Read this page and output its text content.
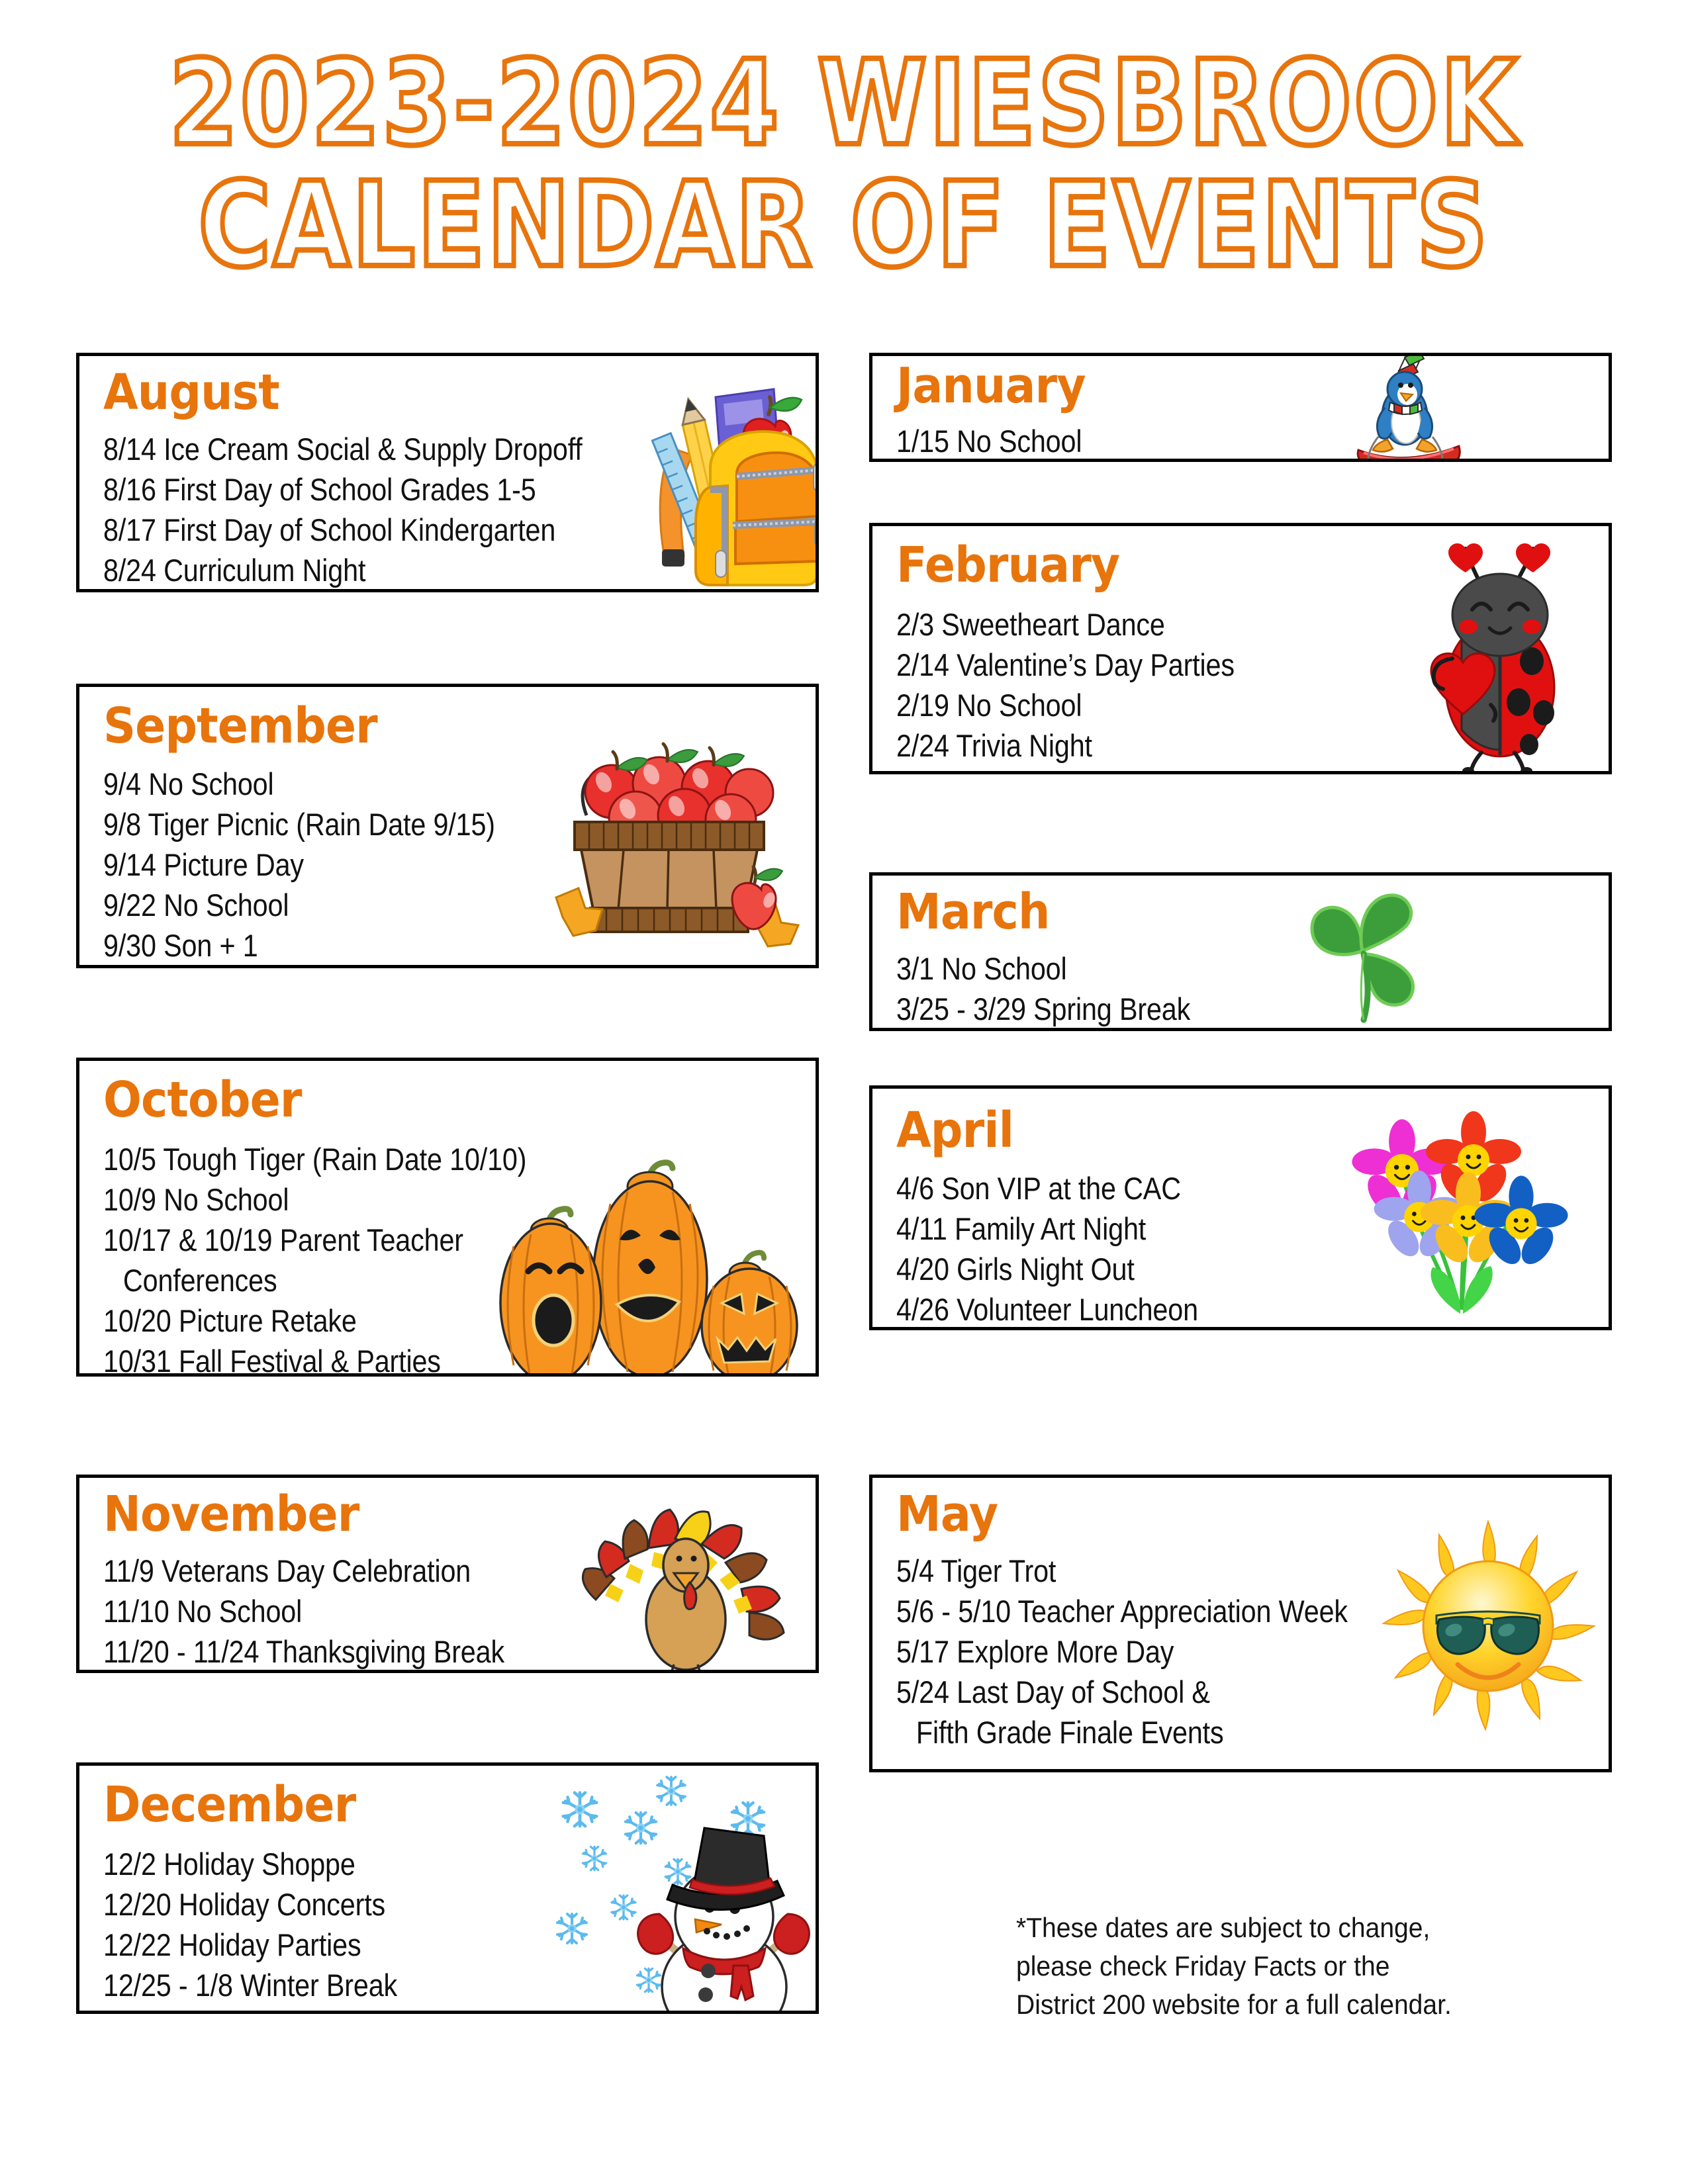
2023-2024 WIESBROOK
CALENDAR OF EVENTS
August
8/14 Ice Cream Social & Supply Dropoff
8/16 First Day of School Grades 1-5
8/17 First Day of School Kindergarten
8/24 Curriculum Night
September
9/4 No School
9/8 Tiger Picnic (Rain Date 9/15)
9/14 Picture Day
9/22 No School
9/30 Son + 1
October
10/5 Tough Tiger (Rain Date 10/10)
10/9 No School
10/17 & 10/19 Parent Teacher
Conferences
10/20 Picture Retake
10/31 Fall Festival & Parties
November
11/9 Veterans Day Celebration
11/10 No School
11/20 - 11/24 Thanksgiving Break
December
12/2 Holiday Shoppe
12/20 Holiday Concerts
12/22 Holiday Parties
12/25 - 1/8 Winter Break
January
1/15 No School
February
2/3 Sweetheart Dance
2/14 Valentine’s Day Parties
2/19 No School
2/24 Trivia Night
March
3/1 No School
3/25 - 3/29 Spring Break
April
4/6 Son VIP at the CAC
4/11 Family Art Night
4/20 Girls Night Out
4/26 Volunteer Luncheon
May
5/4 Tiger Trot
5/6 - 5/10 Teacher Appreciation Week
5/17 Explore More Day
5/24 Last Day of School &
Fifth Grade Finale Events
*These dates are subject to change,
please check Friday Facts or the
District 200 website for a full calendar.
